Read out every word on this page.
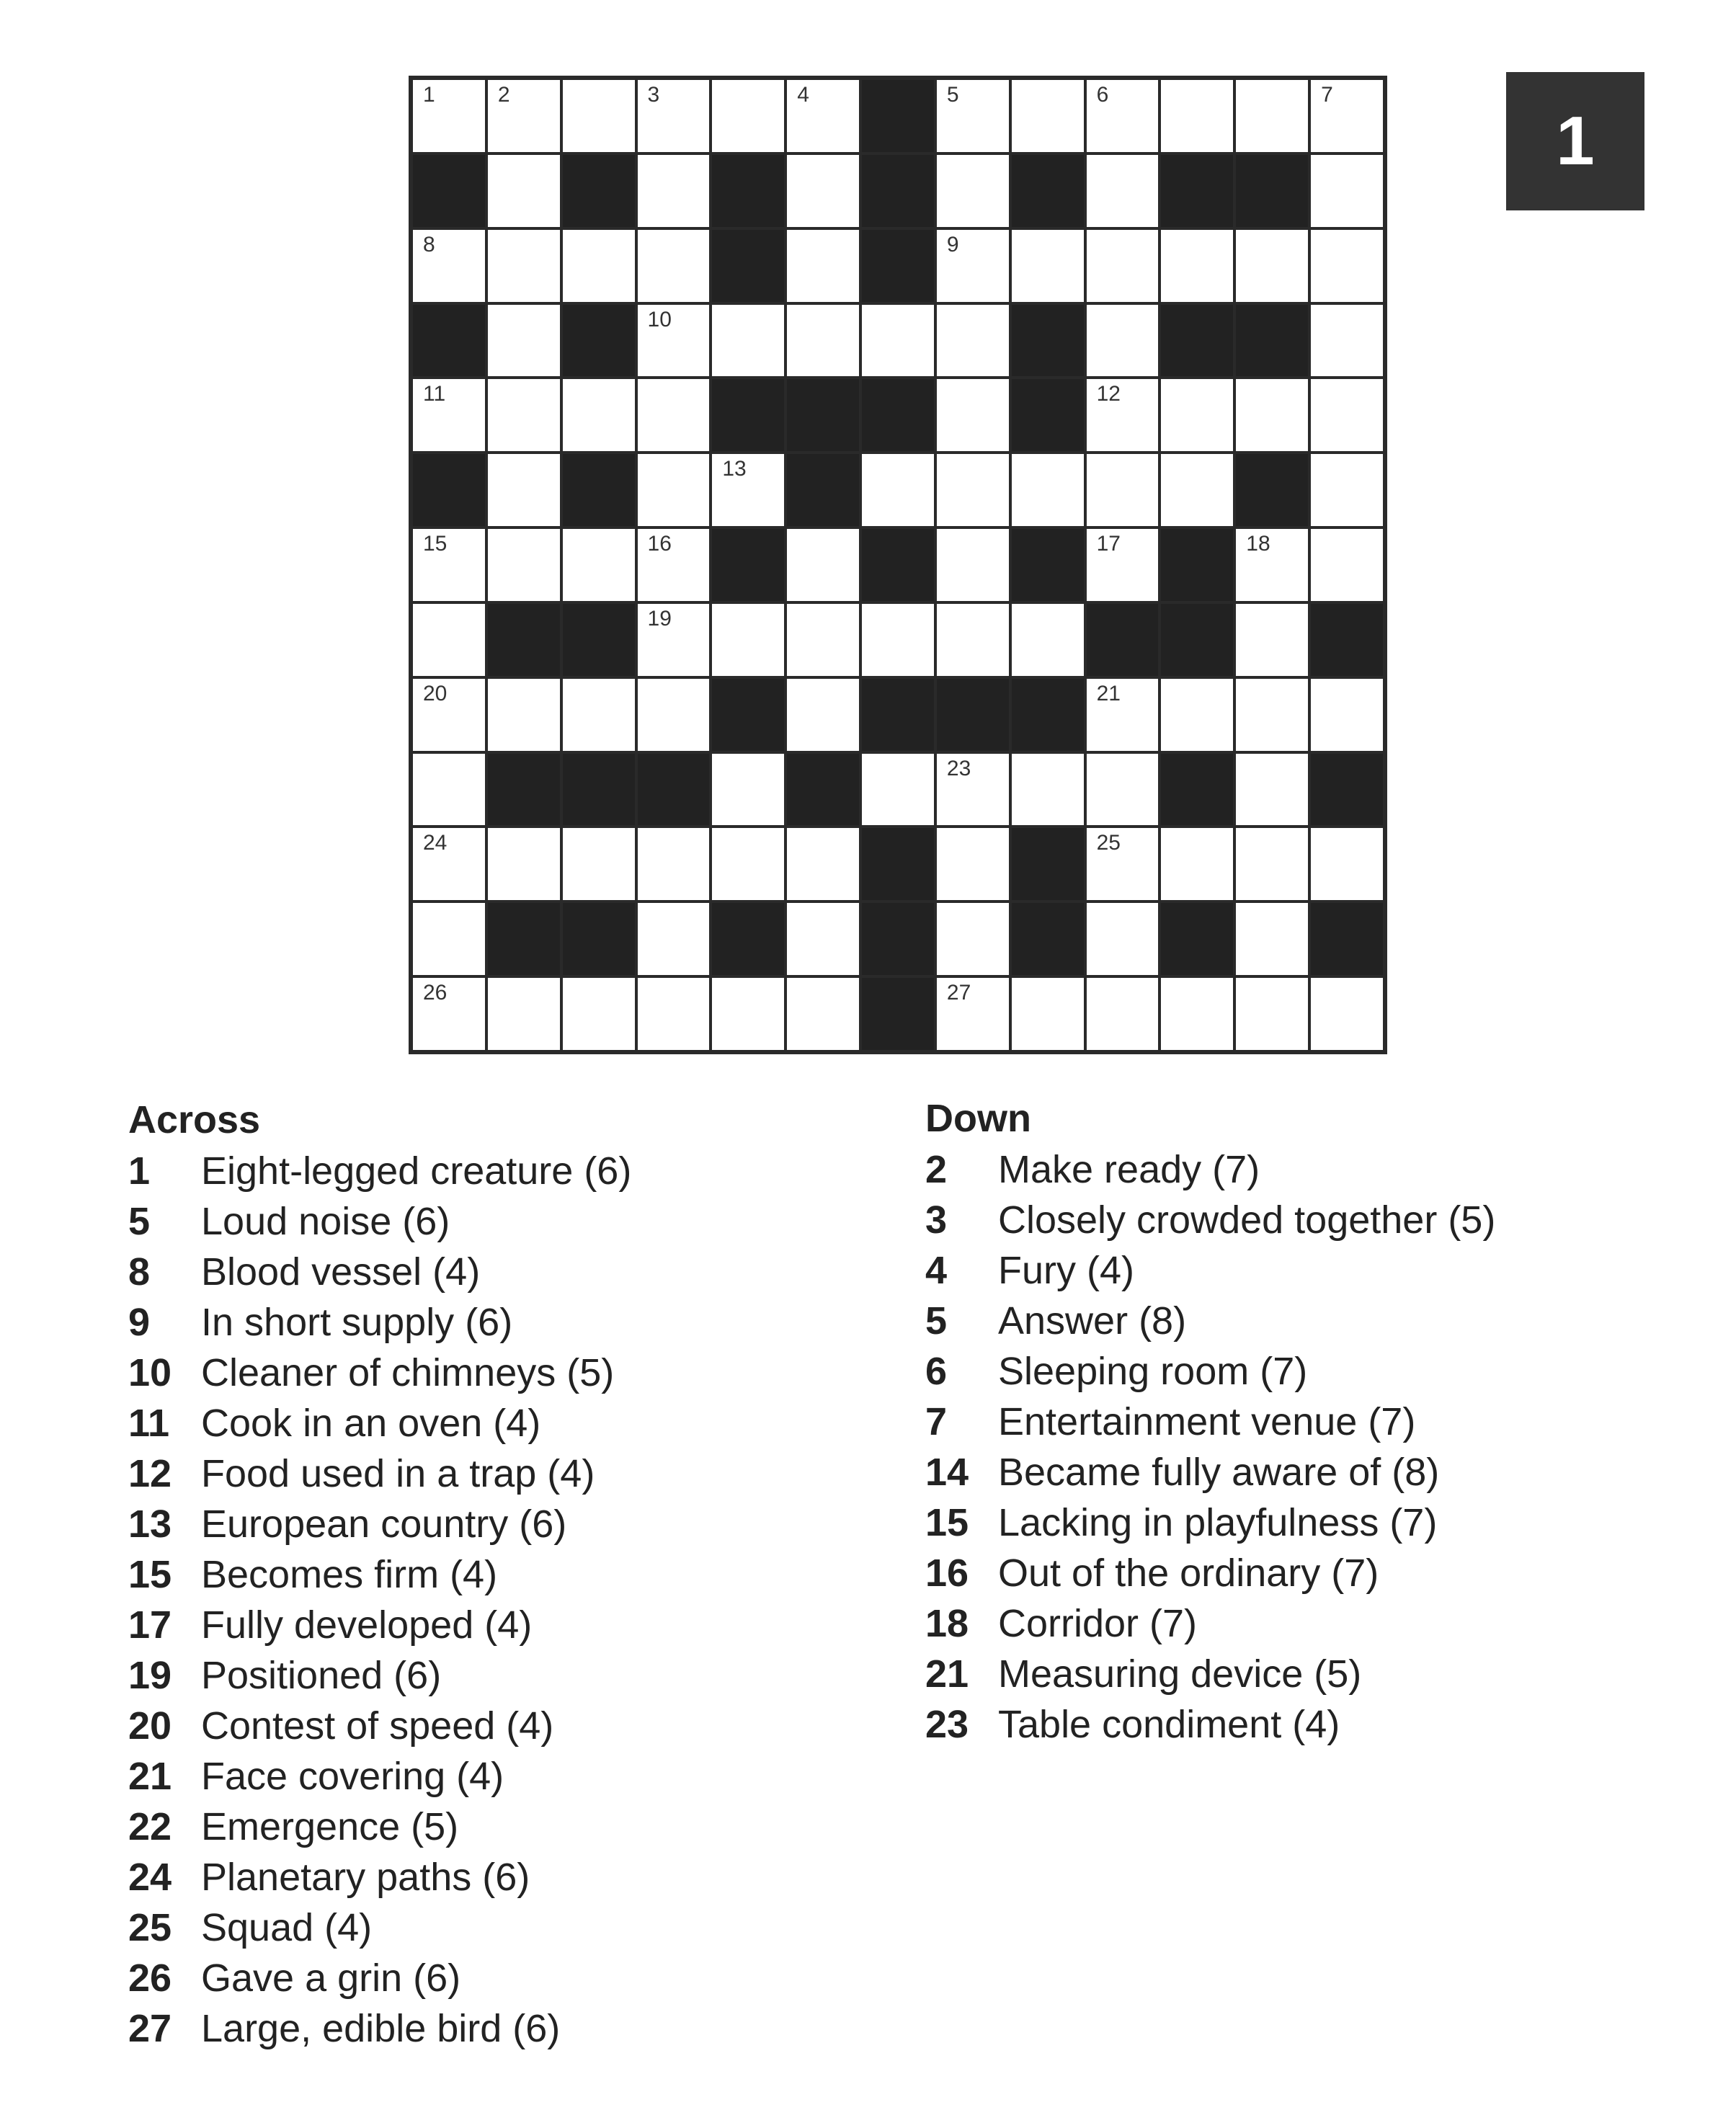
1	2	3	4	5	6	7
8	9
10
11	12
13
15	16	17	18
19
20	21
23
24	25
26	27
1
Across
1	Eight-legged creature (6)
5	Loud noise (6)
8	Blood vessel (4)
9	In short supply (6)
10 Cleaner of chimneys (5)
11 Cook in an oven (4)
12 Food used in a trap (4)
13 European country (6)
15 Becomes firm (4)
17 Fully developed (4)
19 Positioned (6)
20 Contest of speed (4)
21 Face covering (4)
22 Emergence (5)
24 Planetary paths (6)
25 Squad (4)
26 Gave a grin (6)
27 Large, edible bird (6)
Down
2	Make ready (7)
3	Closely crowded together (5)
4	Fury (4)
5	Answer (8)
6	Sleeping room (7)
7	Entertainment venue (7)
14 Became fully aware of (8)
15 Lacking in playfulness (7)
16 Out of the ordinary (7)
18 Corridor (7)
21 Measuring device (5)
23 Table condiment (4)
